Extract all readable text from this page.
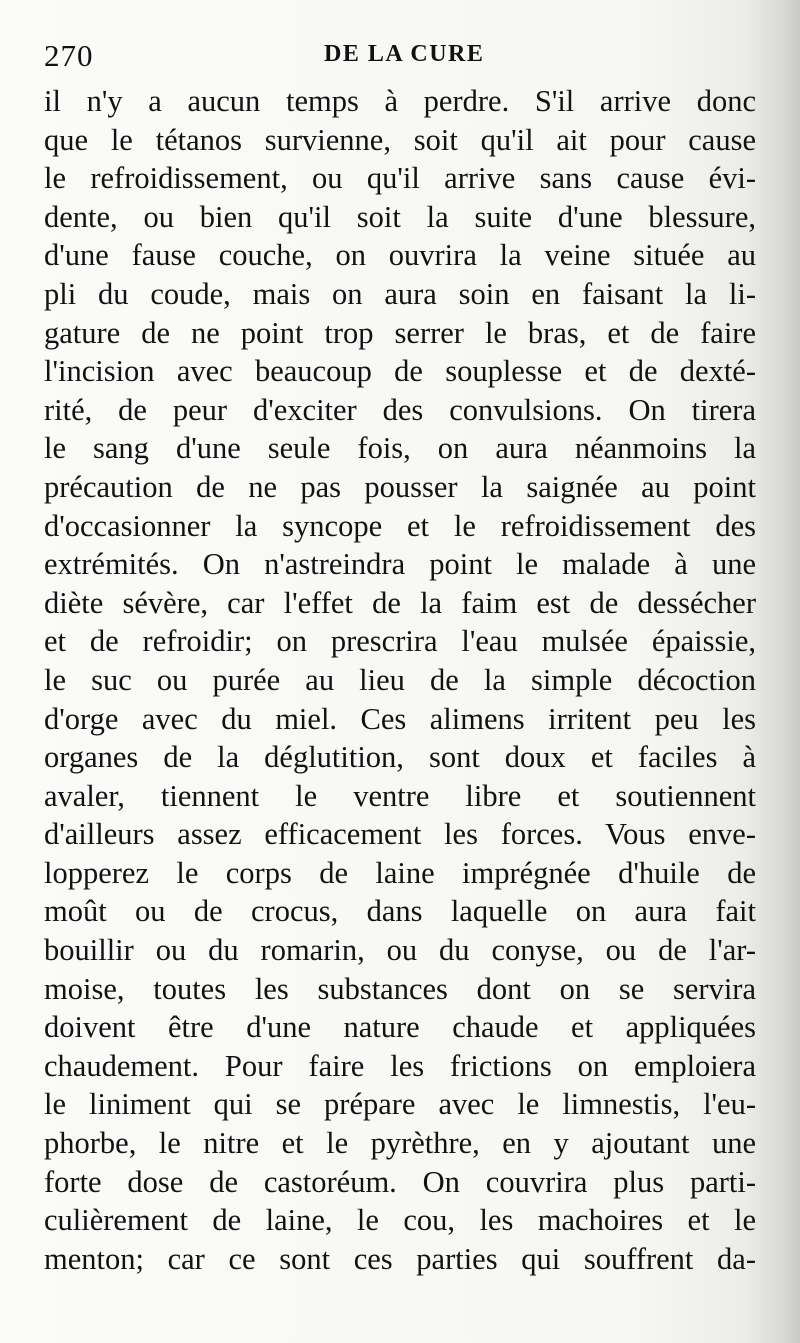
270	DE LA CURE
il n'y a aucun temps à perdre. S'il arrive donc
que le tétanos survienne, soit qu'il ait pour cause
le refroidissement, ou qu'il arrive sans cause évi-
dente, ou bien qu'il soit la suite d'une blessure,
d'une fause couche, on ouvrira la veine située au
pli du coude, mais on aura soin en faisant la li-
gature de ne point trop serrer le bras, et de faire
l'incision avec beaucoup de souplesse et de dexté-
rité, de peur d'exciter des convulsions. On tirera
le sang d'une seule fois, on aura néanmoins la
précaution de ne pas pousser la saignée au point
d'occasionner la syncope et le refroidissement des
extrémités. On n'astreindra point le malade à une
diète sévère, car l'effet de la faim est de dessécher
et de refroidir; on prescrira l'eau mulsée épaissie,
le suc ou purée au lieu de la simple décoction
d'orge avec du miel. Ces alimens irritent peu les
organes de la déglutition, sont doux et faciles à
avaler, tiennent le ventre libre et soutiennent
d'ailleurs assez efficacement les forces. Vous enve-
lopperez le corps de laine imprégnée d'huile de
moût ou de crocus, dans laquelle on aura fait
bouillir ou du romarin, ou du conyse, ou de l'ar-
moise, toutes les substances dont on se servira
doivent être d'une nature chaude et appliquées
chaudement. Pour faire les frictions on emploiera
le liniment qui se prépare avec le limnestis, l'eu-
phorbe, le nitre et le pyrèthre, en y ajoutant une
forte dose de castoréum. On couvrira plus parti-
culièrement de laine, le cou, les machoires et le
menton; car ce sont ces parties qui souffrent da-
